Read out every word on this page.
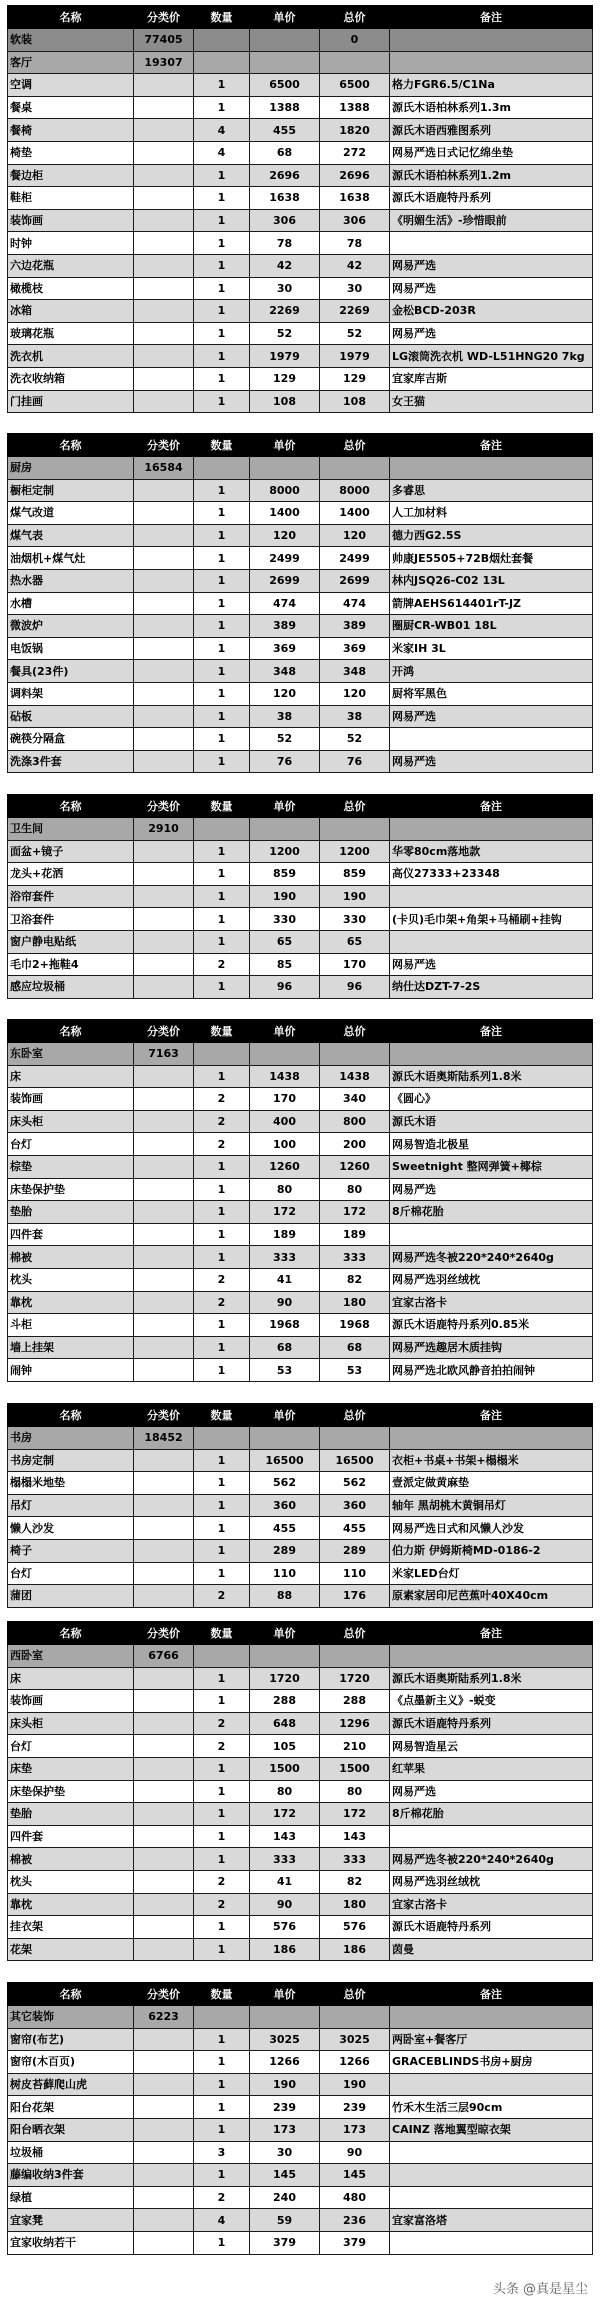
名称	分类价	数量	单价	总价	备注
软装	77405			0	
客厅	19307				
空调		1	6500	6500	格力FGR6.5/C1Na
餐桌		1	1388	1388	源氏木语柏林系列1.3m
餐椅		4	455	1820	源氏木语西雅图系列
椅垫		4	68	272	网易严选日式记忆绵坐垫
餐边柜		1	2696	2696	源氏木语柏林系列1.2m
鞋柜		1	1638	1638	源氏木语鹿特丹系列
装饰画		1	306	306	《明媚生活》-珍惜眼前
时钟		1	78	78	
六边花瓶		1	42	42	网易严选
橄榄枝		1	30	30	网易严选
冰箱		1	2269	2269	金松BCD-203R
玻璃花瓶		1	52	52	网易严选
洗衣机		1	1979	1979	LG滚筒洗衣机 WD-L51HNG20 7kg
洗衣收纳箱		1	129	129	宜家库吉斯
门挂画		1	108	108	女王猫
名称	分类价	数量	单价	总价	备注
厨房	16584				
橱柜定制		1	8000	8000	多睿思
煤气改道		1	1400	1400	人工加材料
煤气表		1	120	120	德力西G2.5S
油烟机+煤气灶		1	2499	2499	帅康JE5505+72B烟灶套餐
热水器		1	2699	2699	林内JSQ26-C02 13L
水槽		1	474	474	箭牌AEHS614401rT-JZ
微波炉		1	389	389	圈厨CR-WB01 18L
电饭锅		1	369	369	米家IH 3L
餐具(23件)		1	348	348	开鸿
调料架		1	120	120	厨将军黑色
砧板		1	38	38	网易严选
碗筷分隔盒		1	52	52	
洗涤3件套		1	76	76	网易严选
名称	分类价	数量	单价	总价	备注
卫生间	2910				
面盆+镜子		1	1200	1200	华零80cm落地款
龙头+花洒		1	859	859	高仪27333+23348
浴帘套件		1	190	190	
卫浴套件		1	330	330	(卡贝)毛巾架+角架+马桶刷+挂钩
窗户静电贴纸		1	65	65	
毛巾2+拖鞋4		2	85	170	网易严选
感应垃圾桶		1	96	96	纳仕达DZT-7-2S
名称	分类价	数量	单价	总价	备注
东卧室	7163				
床		1	1438	1438	源氏木语奥斯陆系列1.8米
装饰画		2	170	340	《圆心》
床头柜		2	400	800	源氏木语
台灯		2	100	200	网易智造北极星
棕垫		1	1260	1260	Sweetnight 整网弹簧+椰棕
床垫保护垫		1	80	80	网易严选
垫胎		1	172	172	8斤棉花胎
四件套		1	189	189	
棉被		1	333	333	网易严选冬被220*240*2640g
枕头		2	41	82	网易严选羽丝绒枕
靠枕		2	90	180	宜家古洛卡
斗柜		1	1968	1968	源氏木语鹿特丹系列0.85米
墙上挂架		1	68	68	网易严选趣居木质挂钩
闹钟		1	53	53	网易严选北欧风静音拍拍闹钟
名称	分类价	数量	单价	总价	备注
书房	18452				
书房定制		1	16500	16500	衣柜+书桌+书架+榻榻米
榻榻米地垫		1	562	562	壹派定做黄麻垫
吊灯		1	360	360	轴年 黑胡桃木黄铜吊灯
懒人沙发		1	455	455	网易严选日式和风懒人沙发
椅子		1	289	289	伯力斯 伊姆斯椅MD-0186-2
台灯		1	110	110	米家LED台灯
蒲团		2	88	176	原素家居印尼芭蕉叶40X40cm
名称	分类价	数量	单价	总价	备注
西卧室	6766				
床		1	1720	1720	源氏木语奥斯陆系列1.8米
装饰画		1	288	288	《点墨新主义》-蜕变
床头柜		2	648	1296	源氏木语鹿特丹系列
台灯		2	105	210	网易智造星云
床垫		1	1500	1500	红苹果
床垫保护垫		1	80	80	网易严选
垫胎		1	172	172	8斤棉花胎
四件套		1	143	143	
棉被		1	333	333	网易严选冬被220*240*2640g
枕头		2	41	82	网易严选羽丝绒枕
靠枕		2	90	180	宜家古洛卡
挂衣架		1	576	576	源氏木语鹿特丹系列
花架		1	186	186	茵曼
名称	分类价	数量	单价	总价	备注
其它装饰	6223				
窗帘(布艺)		1	3025	3025	两卧室+餐客厅
窗帘(木百页)		1	1266	1266	GRACEBLINDS书房+厨房
树皮苔藓爬山虎		1	190	190	
阳台花架		1	239	239	竹禾木生活三层90cm
阳台晒衣架		1	173	173	CAINZ 落地翼型晾衣架
垃圾桶		3	30	90	
藤编收纳3件套		1	145	145	
绿植		2	240	480	
宜家凳		4	59	236	宜家富洛塔
宜家收纳若干		1	379	379	
头条 @真是星尘
